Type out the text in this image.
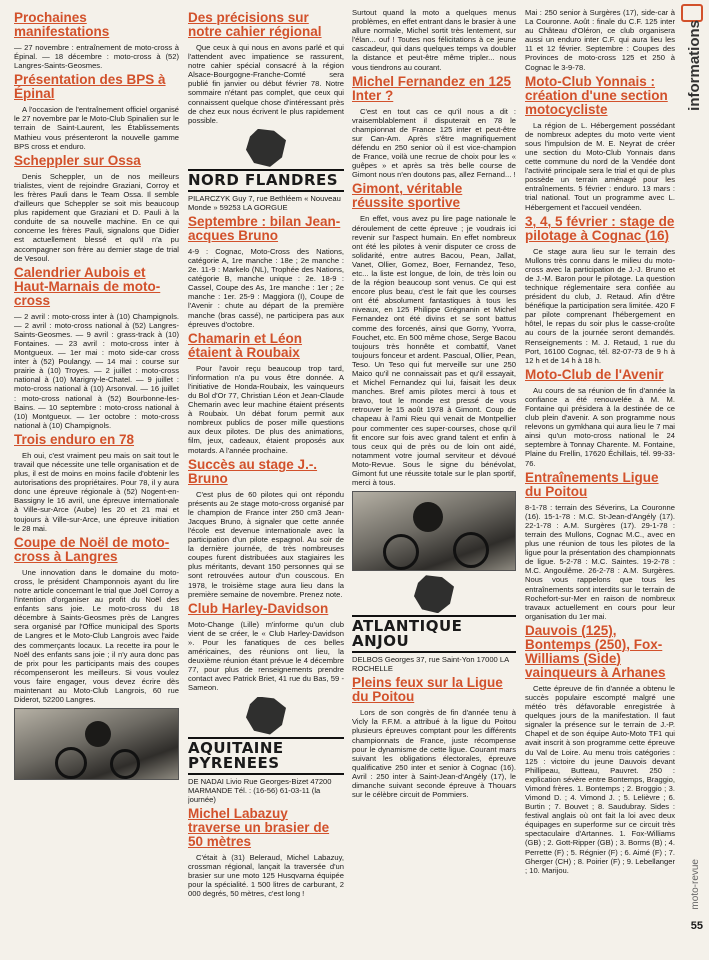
Prochaines manifestations
— 27 novembre : entraînement de moto-cross à Épinal. — 18 décembre : moto-cross à (52) Langres-Saints-Geosmes.
Présentation des BPS à Épinal
A l'occasion de l'entraînement officiel organisé le 27 novembre par le Moto-Club Spinalien sur le terrain de Saint-Laurent, les Établissements Mathieu vous présenteront la nouvelle gamme BPS cross et enduro.
Scheppler sur Ossa
Denis Scheppler, un de nos meilleurs trialistes, vient de rejoindre Graziani, Corroy et les frères Pauli dans le Team Ossa. Il semble d'ailleurs que Scheppler se soit mis beaucoup plus rapidement que Graziani et D. Pauli à la conduite de sa nouvelle machine. En ce qui concerne les frères Pauli, signalons que Didier est actuellement blessé et qu'il n'a pu accompagner son frère au dernier stage de trial de Vesoul.
Calendrier Aubois et Haut-Marnais de moto-cross
— 2 avril : moto-cross inter à (10) Champignols. — 2 avril : moto-cross national à (52) Langres-Saints-Geosmes. — 9 avril : grass-track à (10) Fontaines. — 23 avril : moto-cross inter à Montgueux. — 1er mai : moto side-car cross inter à (52) Poulangy. — 14 mai : course sur prairie à (10) Troyes. — 2 juillet : moto-cross national à (10) Marigny-le-Chatel. — 9 juillet : moto-cross national à (10) Arsonval. — 16 juillet : moto-cross national à (52) Bourbonne-les-Bains. — 10 septembre : moto-cross national à (10) Montgueux. — 1er octobre : moto-cross national à (10) Champignols.
Trois enduro en 78
Eh oui, c'est vraiment peu mais on sait tout le travail que nécessite une telle organisation et de plus, il est de moins en moins facile d'obtenir les autorisations des propriétaires. Pour 78, il y aura donc une épreuve régionale à (52) Nogent-en-Bassigny le 16 avril, une épreuve internationale à Ville-sur-Arce (Aube) les 20 et 21 mai et toujours à Ville-sur-Arce, une épreuve initiation le 28 mai.
Coupe de Noël de moto-cross à Langres
Une innovation dans le domaine du moto-cross, le président Champonnois ayant du lire notre article concernant le trial que Joël Corroy a l'intention d'organiser au profit du Noël des enfants sans joie. Le moto-cross du 18 décembre à Saints-Geosmes près de Langres sera organisé par l'Office municipal des Sports de Langres et le Moto-Club Langrois avec l'aide des commerçants locaux. La recette ira pour le Noël des enfants sans joie ; il n'y aura donc pas de prix pour les participants mais des coupes récompenseront les meilleurs. Si vous voulez vous faire engager, vous devez écrire dès maintenant au Moto-Club Langrois, 60 rue Diderot, 52200 Langres.
Des précisions sur notre cahier régional
Que ceux à qui nous en avons parlé et qui l'attendent avec impatience se rassurent, notre cahier spécial consacré à la région Alsace-Bourgogne-Franche-Comté sera publié fin janvier ou début février 78. Notre sommaire n'étant pas complet, que ceux qui connaissent quelque chose d'intéressant près de chez eux nous écrivent le plus rapidement possible.
NORD FLANDRES
PILARCZYK Guy 7, rue Bethléem « Nouveau Monde » 59253 LA GORGUE
Septembre : bilan Jean-acques Bruno
4-9 : Cognac, Moto-Cross des Nations, catégorie A, 1re manche : 18e ; 2e manche : 2e. 11-9 : Markelo (NL), Trophée des Nations, catégorie B, manche unique : 2e. 18-9 : Cassel, Coupe des As, 1re manche : 1er ; 2e manche : 1er. 25-9 : Maggiora (I), Coupe de l'Avenir : chute au départ de la première manche (bras cassé), ne participera pas aux épreuves d'octobre.
Chamarin et Léon étaient à Roubaix
Pour l'avoir reçu beaucoup trop tard, l'information n'a pu vous être donnée. A l'initiative de Honda-Roubaix, les vainqueurs du Bol d'Or 77, Christian Léon et Jean-Claude Chemarin avec leur machine étaient présents à Roubaix. Un débat forum permit aux nombreux publics de poser mille questions aux deux pilotes. De plus des animations, film, jeux, cadeaux, étaient proposés aux motards. A l'année prochaine.
Succès au stage J.-. Bruno
C'est plus de 60 pilotes qui ont répondu présents au 2e stage moto-cross organisé par le champion de France inter 250 cm3 Jean-Jacques Bruno, à signaler que cette année l'école est devenue internationale avec la participation d'un pilote espagnol. Au soir de la dernière journée, de très nombreuses coupes furent distribuées aux stagiaires les plus méritants, devant 150 personnes qui se sont retrouvées autour d'un couscous. En 1978, le troisième stage aura lieu dans la première semaine de novembre. Prenez note.
Club Harley-Davidson
Moto-Change (Lille) m'informe qu'un club vient de se créer, le « Club Harley-Davidson ». Pour les fanatiques de ces belles américaines, des réunions ont lieu, la deuxième réunion étant prévue le 4 décembre 77, pour plus de renseignements prendre contact avec Patrick Briet, 41 rue du Bas, 59 - Sameon.
AQUITAINE PYRENEES
DE NADAI Livio Rue Georges-Bizet 47200 MARMANDE Tél. : (16-56) 61-03-11 (la journée)
Michel Labazuy traverse un brasier de 50 mètres
C'était à (31) Beleraud, Michel Labazuy, crossman régional, lançait la traversée d'un brasier sur une moto 125 Husqvarna équipée pour la spécialité. 1 500 litres de carburant, 2 000 degrés, 50 mètres, c'est long !
Surtout quand la moto a quelques menus problèmes, en effet entrant dans le brasier à une allure normale, Michel sortit très lentement, sur l'élan... ouf ! Toutes nos félicitations à ce jeune cascadeur, qui dans quelques temps va doubler la distance et peut-être même tripler... nous vous tiendrons au courant.
Michel Fernandez en 125 Inter ?
C'est en tout cas ce qu'il nous a dit : vraisemblablement il disputerait en 78 le championnat de France 125 inter et peut-être sur Can-Am. Après s'être magnifiquement défendu en 250 senior où il est vice-champion de France, voilà une recrue de choix pour les « guêpes » et après sa très belle course de Gimont nous n'en doutons pas, allez Fernand... !
Gimont, véritable réussite sportive
En effet, vous avez pu lire page nationale le déroulement de cette épreuve ; je voudrais ici revenir sur l'aspect humain. En effet nombreux ont été les pilotes à venir disputer ce cross de solidarité, entre autres Bacou, Pean, Jallat, Vanet, Ollier, Gomez, Boer, Fernandez, Teso, etc... la liste est longue, de loin, de très loin ou de la région beaucoup sont venus. Ce qui est encore plus beau, c'est le fait que les courses ont été absolument fantastiques à tous les niveaux, en 125 Philippe Grégnanin et Michel Fernandez ont été divins et se sont battus comme des forcenés, ainsi que Gorny, Yvorra, Fouchet, etc. En 500 même chose, Serge Bacou toujours très honnête et combattif, Vanet toujours fonceur et ardent. Pascual, Ollier, Pean, Teso. Un Teso qui fut merveille sur une 250 Maico qu'il ne connaissait pas et qu'il essayait, et Michel Fernandez qui lui, faisait les deux manches. Bref amis pilotes merci à tous et bravo, tout le monde est pressé de vous retrouver le 15 août 1978 à Gimont. Coup de chapeau à l'ami Rieu qui venait de Montpellier pour commenter ces super-courses, chose qu'il fit encore sur fois avec grand talent et enfin à tous ceux qui de près ou de loin ont aidé, notamment votre journal serviteur et dévoué Moto-Revue. Sous le signe du bénévolat, Gimont fut une réussite totale sur le plan sportif, merci à tous.
ATLANTIQUE ANJOU
DELBOS Georges 37, rue Saint-Yon 17000 LA ROCHELLE
Pleins feux sur la Ligue du Poitou
Lors de son congrès de fin d'année tenu à Vicly la F.F.M. a attribué à la ligue du Poitou plusieurs épreuves comptant pour les différents championnats de France, juste récompense pour le dynamisme de cette ligue. Courant mars suivant les obligations électorales, épreuve qualificative 250 inter et senior à Cognac (16). Avril : 250 inter à Saint-Jean-d'Angély (17), le dimanche suivant seconde épreuve à Thouars sur le célèbre circuit de Pommiers.
Mai : 250 senior à Surgères (17), side-car à La Couronne. Août : finale du C.F. 125 inter au Château d'Oléron, ce club organisera aussi un enduro inter C.F. qui aura lieu les 11 et 12 février. Septembre : Coupes des Provinces de moto-cross 125 et 250 à Cognac le 3-9-78.
Moto-Club Yonnais : création d'une section motocycliste
La région de L. Hébergement possédant de nombreux adeptes du moto verte vient sous l'impulsion de M. E. Neyrat de créer une section du Moto-Club Yonnais dans cette commune du nord de la Vendée dont l'activité principale sera le trial et qui de plus possède un terrain aménagé pour les entraînements. 5 février : enduro. 13 mars : trial national. Tout un programme avec L. Hébergement et l'accueil vendéen.
3, 4, 5 février : stage de pilotage à Cognac (16)
Ce stage aura lieu sur le terrain des Mullons très connu dans le milieu du moto-cross avec la participation de J.-J. Bruno et de J.-M. Baron pour le pilotage. La question technique réglementaire sera confiée au président du club, J. Retaud. Afin d'être bénéfique la participation sera limitée. 420 F par pilote comprenant l'hébergement en hôtel, le repas du soir plus le casse-croûte au cours de la journée seront demandés. Renseignements : M. J. Retaud, 1 rue du Port, 16100 Cognac, tél. 82-07-73 de 9 h à 12 h et de 14 h à 18 h.
Moto-Club de l'Avenir
Au cours de sa réunion de fin d'année la confiance a été renouvelée à M. M. Fontaine qui présidera à la destinée de ce club plein d'avenir. A son programme nous relevons un gymkhana qui aura lieu le 7 mai ainsi qu'un moto-cross national le 24 septembre à Tonnay Charente. M. Fontaine, Plaine du Frellin, 17620 Échillais, tél. 99-33-76.
Entraînements Ligue du Poitou
8-1-78 : terrain des Séverins, La Couronne (16). 15-1-78 : M.C. St-Jean-d'Angély (17). 22-1-78 : A.M. Surgères (17). 29-1-78 : terrain des Mullons, Cognac M.C., avec en plus une réunion de tous les pilotes de la ligue pour la présentation des championnats de ligue. 5-2-78 : M.C. Saintes. 19-2-78 : M.C. Angoulême. 26-2-78 : A.M. Surgères. Nous vous rappelons que tous les entraînements sont interdits sur le terrain de Rochefort-sur-Mer en raison de nombreux travaux actuellement en cours pour leur organisation du 1er mai.
Dauvois (125), Bontemps (250), Fox-Williams (Side) vainqueurs à Arhanes
Cette épreuve de fin d'année a obtenu le succès populaire escompté malgré une météo très défavorable enregistrée à quelques jours de la manifestation. Il faut signaler la présence sur le terrain de J.-P. Chapel et de son équipe Auto-Moto TF1 qui avait inscrit à son programme cette épreuve du Val de Loire. Au menu trois catégories : 125 : victoire du jeune Dauvois devant Phillipeau, Butteau, Pauvret. 250 : explication sévère entre Bontemps, Braggio, Vimond frères. 1. Bontemps ; 2. Broggio ; 3. Vimond D. ; 4. Vimond J. ; 5. Lelièvre ; 6. Burtin ; 7. Bouvet ; 8. Saudubray. Sides : festival anglais où ont fait la loi avec deux équipages en superforme sur ce circuit très spectaculaire d'Artannes. 1. Fox-Williams (GB) ; 2. Gott-Ripper (GB) ; 3. Borms (B) ; 4. Perrette (F) ; 5. Régnier (F) ; 6. Aimé (F) ; 7. Gherger (CH) ; 8. Poirier (F) ; 9. Lebellanger ; 10. Marijou.
informations
moto-revue
55
